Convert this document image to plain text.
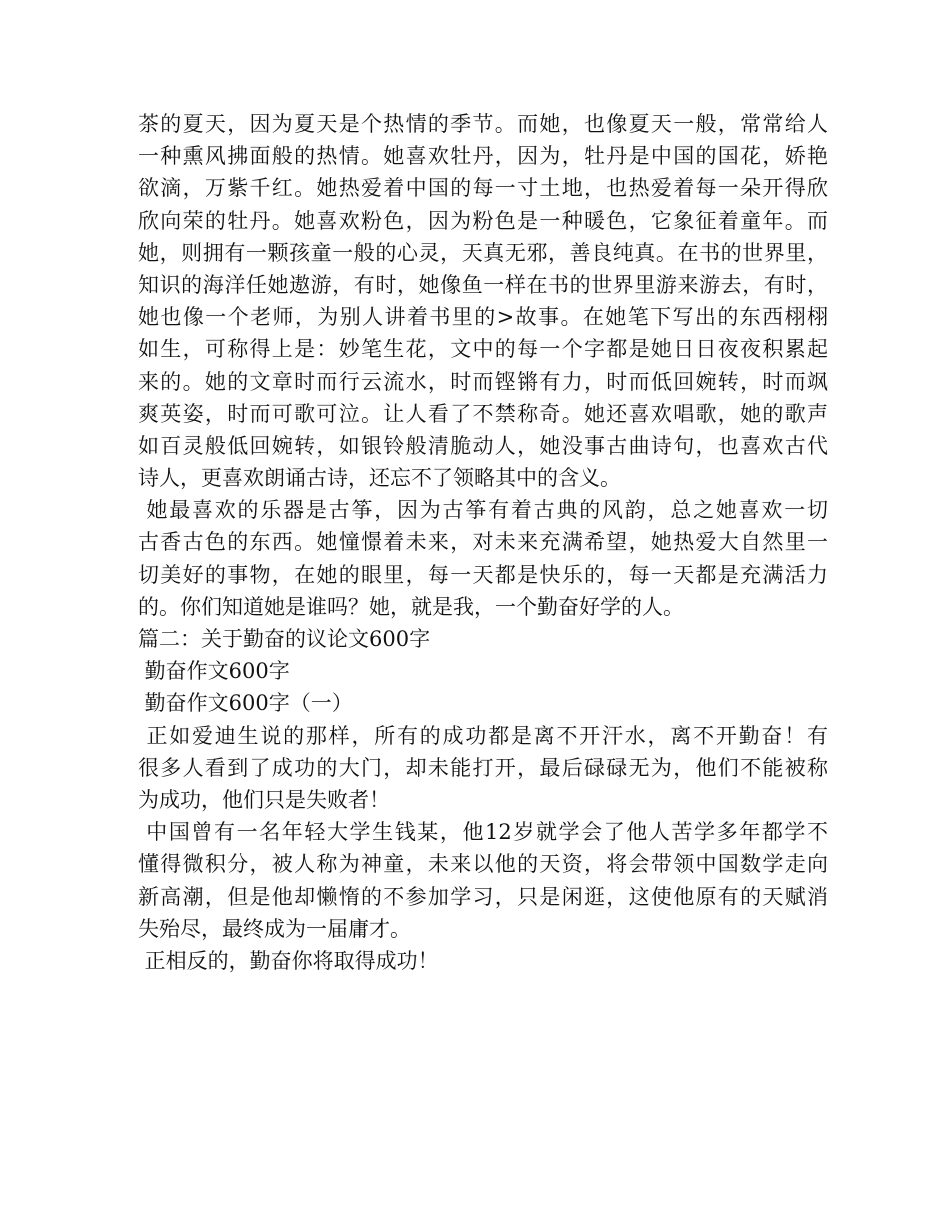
茶的夏天，因为夏天是个热情的季节。而她，也像夏天一般，常常给人
一种熏风拂面般的热情。她喜欢牡丹，因为，牡丹是中国的国花，娇艳
欲滴，万紫千红。她热爱着中国的每一寸土地，也热爱着每一朵开得欣
欣向荣的牡丹。她喜欢粉色，因为粉色是一种暖色，它象征着童年。而
她，则拥有一颗孩童一般的心灵，天真无邪，善良纯真。在书的世界里，
知识的海洋任她遨游，有时，她像鱼一样在书的世界里游来游去，有时，
她也像一个老师，为别人讲着书里的>故事。在她笔下写出的东西栩栩
如生，可称得上是：妙笔生花，文中的每一个字都是她日日夜夜积累起
来的。她的文章时而行云流水，时而铿锵有力，时而低回婉转，时而飒
爽英姿，时而可歌可泣。让人看了不禁称奇。她还喜欢唱歌，她的歌声
如百灵般低回婉转，如银铃般清脆动人，她没事古曲诗句，也喜欢古代
诗人，更喜欢朗诵古诗，还忘不了领略其中的含义。
她最喜欢的乐器是古筝，因为古筝有着古典的风韵，总之她喜欢一切
古香古色的东西。她憧憬着未来，对未来充满希望，她热爱大自然里一
切美好的事物，在她的眼里，每一天都是快乐的，每一天都是充满活力
的。你们知道她是谁吗？她，就是我，一个勤奋好学的人。
篇二：关于勤奋的议论文600字
勤奋作文600字
勤奋作文600字（一）
正如爱迪生说的那样，所有的成功都是离不开汗水，离不开勤奋！有
很多人看到了成功的大门，却未能打开，最后碌碌无为，他们不能被称
为成功，他们只是失败者！
中国曾有一名年轻大学生钱某，他12岁就学会了他人苦学多年都学不
懂得微积分，被人称为神童，未来以他的天资，将会带领中国数学走向
新高潮，但是他却懒惰的不参加学习，只是闲逛，这使他原有的天赋消
失殆尽，最终成为一届庸才。
正相反的，勤奋你将取得成功！
